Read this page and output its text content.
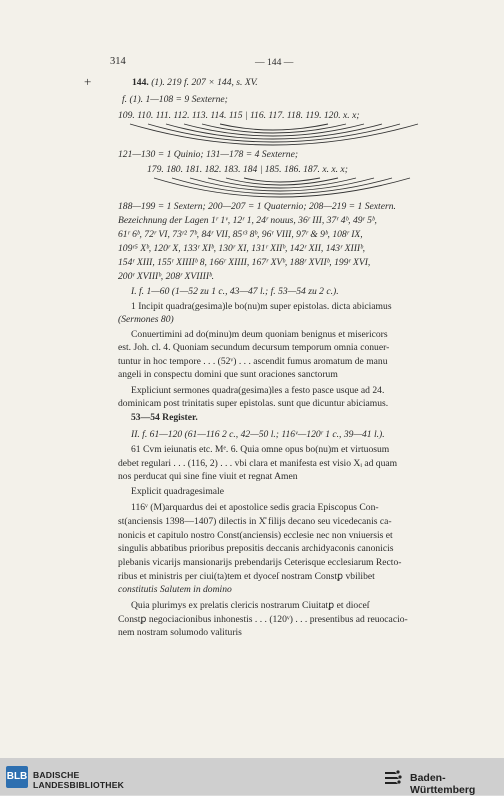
314	— 144 —
+	144. (1). 219 f. 207 × 144, s. XV.
f. (1). 1—108 = 9 Sexterne;
109. 110. 111. 112. 113. 114. 115 | 116. 117. 118. 119. 120. x. x;
121—130 = 1 Quinio; 131—178 = 4 Sexterne;
179. 180. 181. 182. 183. 184 | 185. 186. 187. x. x. x;
188—199 = 1 Sextern; 200—207 = 1 Quaternio; 208—219 = 1 Sextern.
Bezeichnung der Lagen 1ʳ 1ᵛ, 12ʳ 1, 24ʳ nouus, 36ʳ III, 37ʳ 4ᵇ, 49ʳ 5ᵇ,
61ʳ 6ᵇ, 72ʳ VI, 73ʳ² 7ᵇ, 84ʳ VII, 85ʳ³ 8ᵇ, 96ʳ VIII, 97ʳ & 9ᵇ, 108ʳ IX,
109ʳ⁵ Xᵇ, 120ʳ X, 133ʳ XIᵇ, 130ʳ XI, 131ʳ XIIᵇ, 142ʳ XII, 143ʳ XIIIᵇ,
154ʳ XIII, 155ʳ XIIIIᵇ 8, 166ʳ XIIII, 167ʳ XVᵇ, 188ʳ XVIIᵇ, 199ʳ XVI,
200ʳ XVIIIᵇ, 208ʳ XVIIIIᵇ.
I. f. 1—60 (1—52 zu 1 c., 43—47 l.; f. 53—54 zu 2 c.).
1 Incipit quadra(gesima)le bo(nu)m super epistolas. dicta abiciamus
(Sermones 80)
Conuertimini ad do(minu)m deum quoniam benignus et misericors
est. Joh. cl. 4. Quoniam secundum decursum temporum omnia conuer-
tuntur in hoc tempore . . . (52ᵛ) . . . ascendit fumus aromatum de manu
angeli in conspectu domini que sunt oraciones sanctorum
Expliciunt sermones quadra(gesima)les a festo pasce usque ad 24.
dominicam post trinitatis super epistolas. sunt que dicuntur abiciamus.
53—54 Register.
II. f. 61—120 (61—116 2 c., 42—50 l.; 116ᵛ—120ʳ 1 c., 39—41 l.).
61 Cvm ieiunatis etc. Mᵉ. 6. Quia omne opus bo(nu)m et virtuosum
debet regulari . . . (116, 2) . . . vbi clara et manifesta est visio Xᵢ ad quam
nos perducat qui sine fine viuit et regnat Amen
Explicit quadragesimale
116ᵛ (M)arquardus dei et apostolice sedis gracia Episcopus Con-
st(anciensis 1398—1407) dilectis in X̊ filijs decano seu vicedecanis ca-
nonicis et capitulo nostro Const(anciensis) ecclesie nec non vniuersis et
singulis abbatibus prioribus prepositis deccanis archidyaconis canonicis
plebanis vicarijs mansionarijs prebendarijs Ceterisque ecclesiarum Recto-
ribus et ministris per ciui(ta)tem et dyoceſ nostram Constꝑ vbilibet
constitutis Salutem in domino
Quia plurimys ex prelatis clericis nostrarum Ciuitatꝑ et dioceſ
Constꝑ negociacionibus inhonestis . . . (120ᵛ) . . . presentibus ad reuocacio-
nem nostram solumodo valituris
BLB BADISCHE
LANDESBIBLIOTHEK
Baden-Württemberg
